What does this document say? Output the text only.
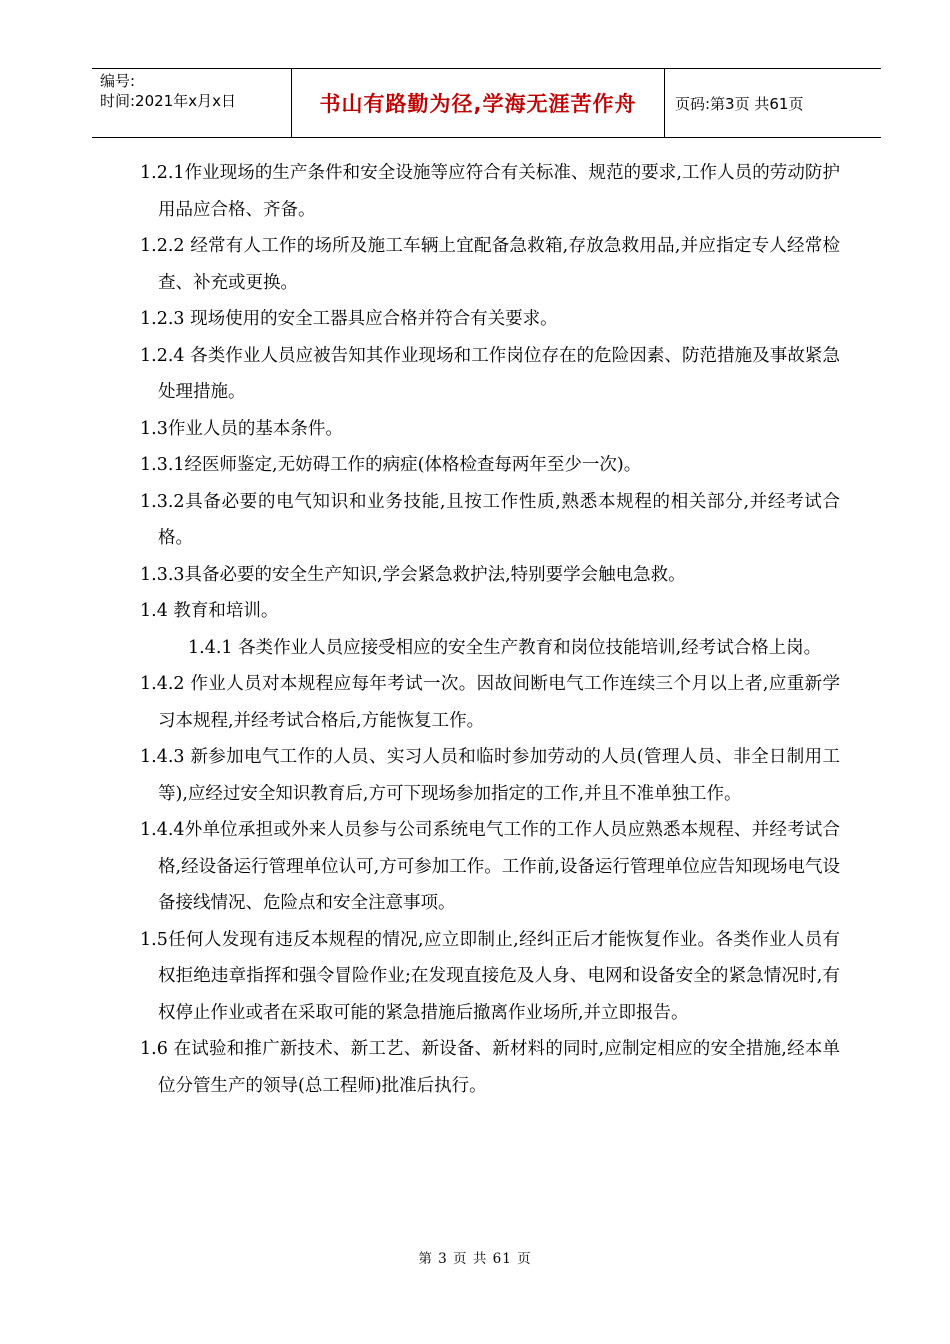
编号:
时间:2021年x月x日	书山有路勤为径,学海无涯苦作舟	页码:第3页 共61页

1.2.1作业现场的生产条件和安全设施等应符合有关标准、规范的要求,工作人员的劳动防护用品应合格、齐备。

1.2.2 经常有人工作的场所及施工车辆上宜配备急救箱,存放急救用品,并应指定专人经常检查、补充或更换。

1.2.3 现场使用的安全工器具应合格并符合有关要求。

1.2.4 各类作业人员应被告知其作业现场和工作岗位存在的危险因素、防范措施及事故紧急处理措施。

1.3作业人员的基本条件。

1.3.1经医师鉴定,无妨碍工作的病症(体格检查每两年至少一次)。

1.3.2具备必要的电气知识和业务技能,且按工作性质,熟悉本规程的相关部分,并经考试合格。

1.3.3具备必要的安全生产知识,学会紧急救护法,特别要学会触电急救。

1.4 教育和培训。

1.4.1 各类作业人员应接受相应的安全生产教育和岗位技能培训,经考试合格上岗。

1.4.2 作业人员对本规程应每年考试一次。因故间断电气工作连续三个月以上者,应重新学习本规程,并经考试合格后,方能恢复工作。

1.4.3 新参加电气工作的人员、实习人员和临时参加劳动的人员(管理人员、非全日制用工等),应经过安全知识教育后,方可下现场参加指定的工作,并且不准单独工作。

1.4.4外单位承担或外来人员参与公司系统电气工作的工作人员应熟悉本规程、并经考试合格,经设备运行管理单位认可,方可参加工作。工作前,设备运行管理单位应告知现场电气设备接线情况、危险点和安全注意事项。

1.5任何人发现有违反本规程的情况,应立即制止,经纠正后才能恢复作业。各类作业人员有权拒绝违章指挥和强令冒险作业;在发现直接危及人身、电网和设备安全的紧急情况时,有权停止作业或者在采取可能的紧急措施后撤离作业场所,并立即报告。

1.6 在试验和推广新技术、新工艺、新设备、新材料的同时,应制定相应的安全措施,经本单位分管生产的领导(总工程师)批准后执行。

第 3 页 共 61 页
